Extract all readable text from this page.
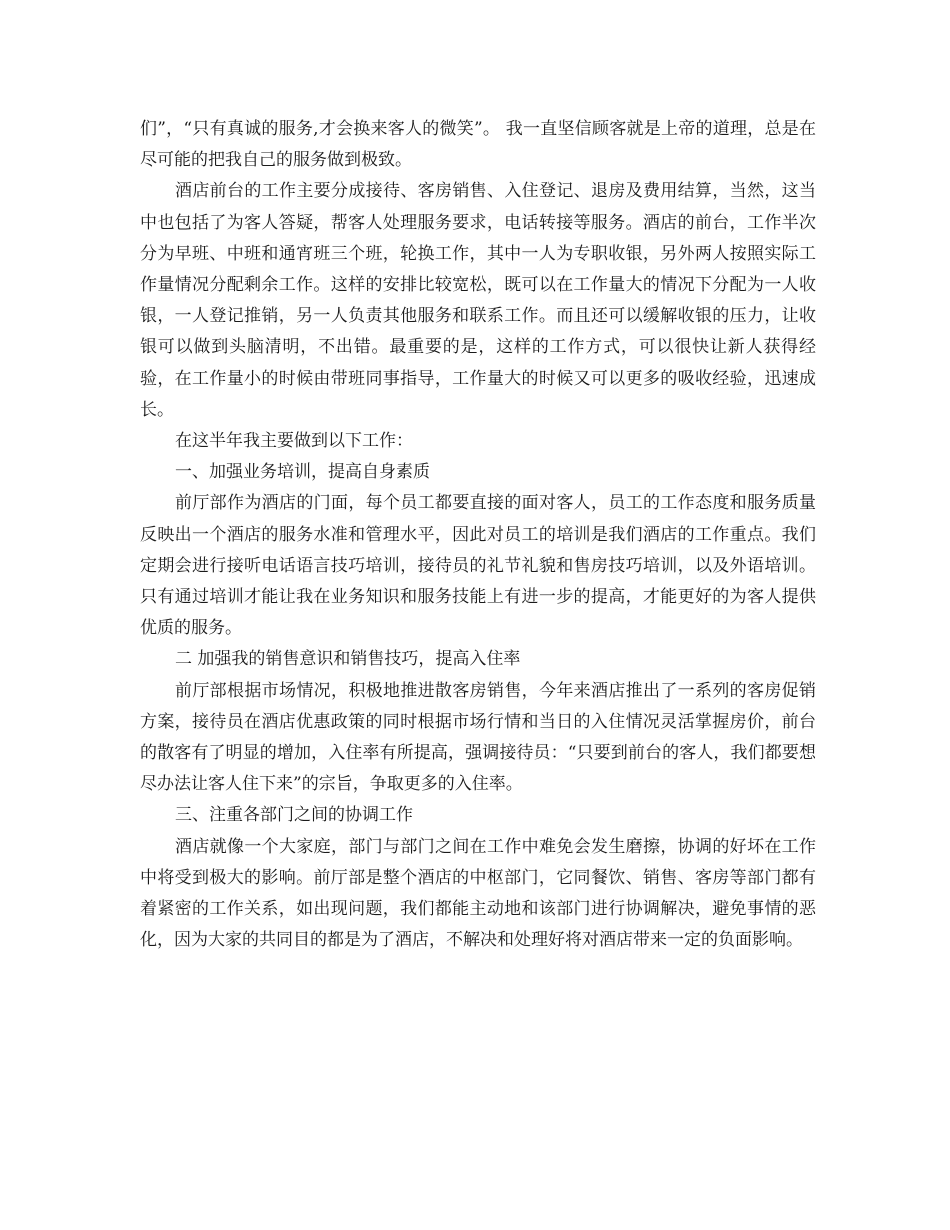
们”，“只有真诚的服务,才会换来客人的微笑”。 我一直坚信顾客就是上帝的道理，总是在尽可能的把我自己的服务做到极致。

酒店前台的工作主要分成接待、客房销售、入住登记、退房及费用结算，当然，这当中也包括了为客人答疑，帮客人处理服务要求，电话转接等服务。酒店的前台，工作半次分为早班、中班和通宵班三个班，轮换工作，其中一人为专职收银，另外两人按照实际工作量情况分配剩余工作。这样的安排比较宽松，既可以在工作量大的情况下分配为一人收银，一人登记推销，另一人负责其他服务和联系工作。而且还可以缓解收银的压力，让收银可以做到头脑清明，不出错。最重要的是，这样的工作方式，可以很快让新人获得经验，在工作量小的时候由带班同事指导，工作量大的时候又可以更多的吸收经验，迅速成长。

在这半年我主要做到以下工作：

一、加强业务培训，提高自身素质

前厅部作为酒店的门面，每个员工都要直接的面对客人，员工的工作态度和服务质量反映出一个酒店的服务水准和管理水平，因此对员工的培训是我们酒店的工作重点。我们定期会进行接听电话语言技巧培训，接待员的礼节礼貌和售房技巧培训，以及外语培训。只有通过培训才能让我在业务知识和服务技能上有进一步的提高，才能更好的为客人提供优质的服务。

二 加强我的销售意识和销售技巧，提高入住率

前厅部根据市场情况，积极地推进散客房销售，今年来酒店推出了一系列的客房促销方案，接待员在酒店优惠政策的同时根据市场行情和当日的入住情况灵活掌握房价，前台的散客有了明显的增加，入住率有所提高，强调接待员：“只要到前台的客人，我们都要想尽办法让客人住下来”的宗旨，争取更多的入住率。

三、注重各部门之间的协调工作

酒店就像一个大家庭，部门与部门之间在工作中难免会发生磨擦，协调的好坏在工作中将受到极大的影响。前厅部是整个酒店的中枢部门，它同餐饮、销售、客房等部门都有着紧密的工作关系，如出现问题，我们都能主动地和该部门进行协调解决，避免事情的恶化，因为大家的共同目的都是为了酒店，不解决和处理好将对酒店带来一定的负面影响。
